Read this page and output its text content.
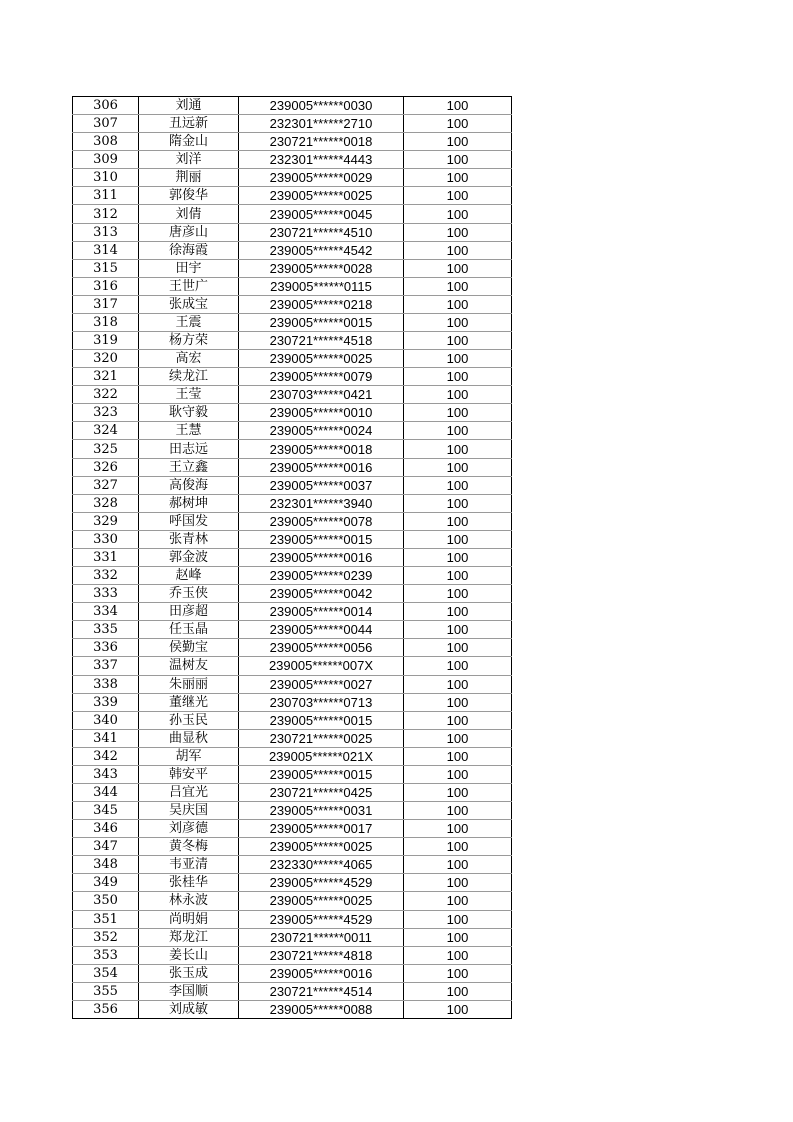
306	刘通	239005******0030	100
307	丑远新	232301******2710	100
308	隋金山	230721******0018	100
309	刘洋	232301******4443	100
310	荆丽	239005******0029	100
311	郭俊华	239005******0025	100
312	刘倩	239005******0045	100
313	唐彦山	230721******4510	100
314	徐海霞	239005******4542	100
315	田宇	239005******0028	100
316	王世广	239005******0115	100
317	张成宝	239005******0218	100
318	王震	239005******0015	100
319	杨方荣	230721******4518	100
320	高宏	239005******0025	100
321	续龙江	239005******0079	100
322	王莹	230703******0421	100
323	耿守毅	239005******0010	100
324	王慧	239005******0024	100
325	田志远	239005******0018	100
326	王立鑫	239005******0016	100
327	高俊海	239005******0037	100
328	郝树坤	232301******3940	100
329	呼国发	239005******0078	100
330	张青林	239005******0015	100
331	郭金波	239005******0016	100
332	赵峰	239005******0239	100
333	乔玉侠	239005******0042	100
334	田彦超	239005******0014	100
335	任玉晶	239005******0044	100
336	侯勤宝	239005******0056	100
337	温树友	239005******007X	100
338	朱丽丽	239005******0027	100
339	董继光	230703******0713	100
340	孙玉民	239005******0015	100
341	曲显秋	230721******0025	100
342	胡军	239005******021X	100
343	韩安平	239005******0015	100
344	吕宜光	230721******0425	100
345	吴庆国	239005******0031	100
346	刘彦德	239005******0017	100
347	黄冬梅	239005******0025	100
348	韦亚清	232330******4065	100
349	张桂华	239005******4529	100
350	林永波	239005******0025	100
351	尚明娟	239005******4529	100
352	郑龙江	230721******0011	100
353	姜长山	230721******4818	100
354	张玉成	239005******0016	100
355	李国顺	230721******4514	100
356	刘成敏	239005******0088	100
